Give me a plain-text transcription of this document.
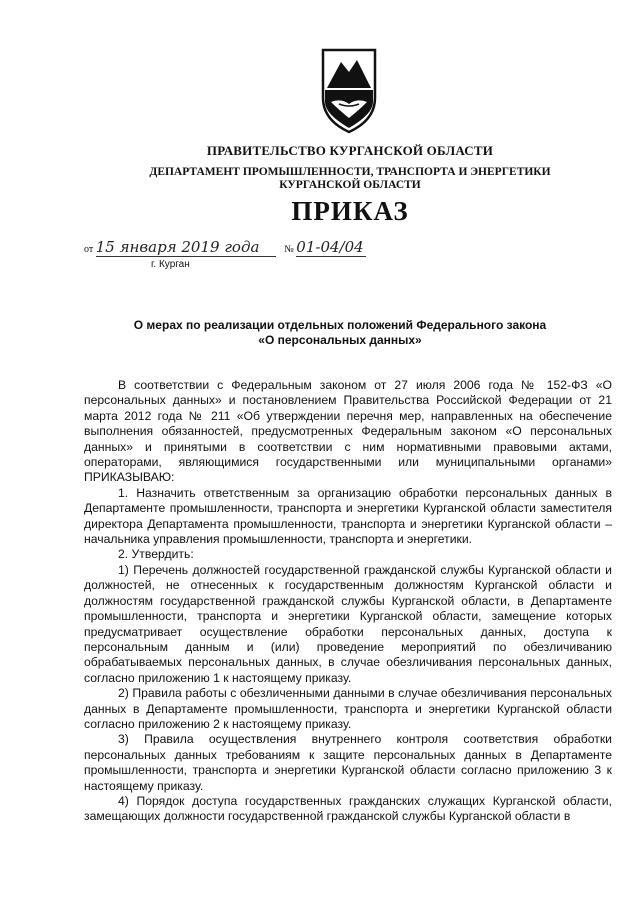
ПРАВИТЕЛЬСТВО КУРГАНСКОЙ ОБЛАСТИ
ДЕПАРТАМЕНТ ПРОМЫШЛЕННОСТИ, ТРАНСПОРТА И ЭНЕРГЕТИКИ
КУРГАНСКОЙ ОБЛАСТИ
ПРИКАЗ
от 15 января 2019 года № 01-04/04
г. Курган
О мерах по реализации отдельных положений Федерального закона
«О персональных данных»

В соответствии с Федеральным законом от 27 июля 2006 года № 152-ФЗ «О персональных данных» и постановлением Правительства Российской Федерации от 21 марта 2012 года № 211 «Об утверждении перечня мер, направленных на обеспечение выполнения обязанностей, предусмотренных Федеральным законом «О персональных данных» и принятыми в соответствии с ним нормативными правовыми актами, операторами, являющимися государственными или муниципальными органами» ПРИКАЗЫВАЮ:

1. Назначить ответственным за организацию обработки персональных данных в Департаменте промышленности, транспорта и энергетики Курганской области заместителя директора Департамента промышленности, транспорта и энергетики Курганской области – начальника управления промышленности, транспорта и энергетики.

2. Утвердить:

1) Перечень должностей государственной гражданской службы Курганской области и должностей, не отнесенных к государственным должностям Курганской области и должностям государственной гражданской службы Курганской области, в Департаменте промышленности, транспорта и энергетики Курганской области, замещение которых предусматривает осуществление обработки персональных данных, доступа к персональным данным и (или) проведение мероприятий по обезличиванию обрабатываемых персональных данных, в случае обезличивания персональных данных, согласно приложению 1 к настоящему приказу.

2) Правила работы с обезличенными данными в случае обезличивания персональных данных в Департаменте промышленности, транспорта и энергетики Курганской области согласно приложению 2 к настоящему приказу.

3) Правила осуществления внутреннего контроля соответствия обработки персональных данных требованиям к защите персональных данных в Департаменте промышленности, транспорта и энергетики Курганской области согласно приложению 3 к настоящему приказу.

4) Порядок доступа государственных гражданских служащих Курганской области, замещающих должности государственной гражданской службы Курганской области в
